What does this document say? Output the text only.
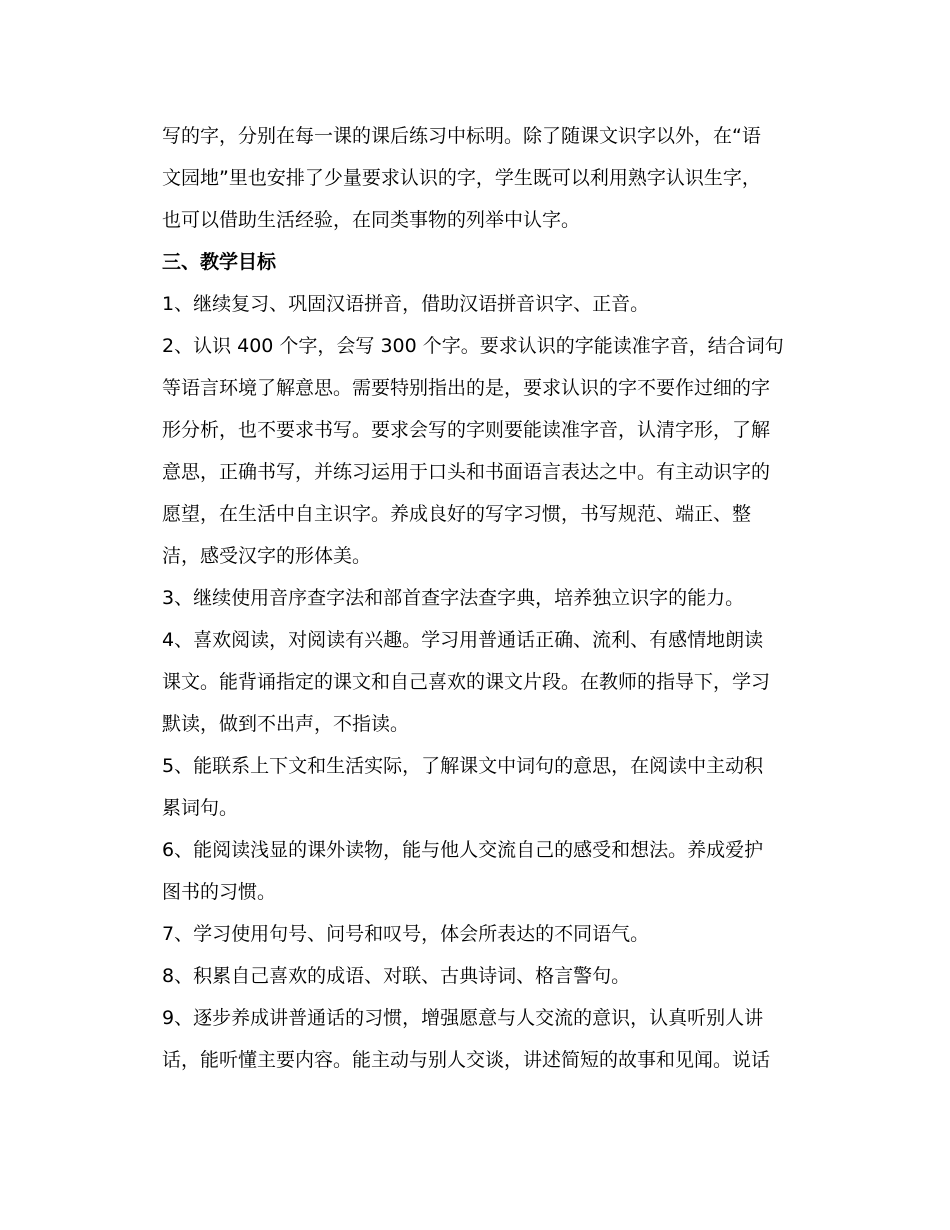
写的字，分别在每一课的课后练习中标明。除了随课文识字以外，在“语
文园地”里也安排了少量要求认识的字，学生既可以利用熟字认识生字，
也可以借助生活经验，在同类事物的列举中认字。

三、教学目标

1、继续复习、巩固汉语拼音，借助汉语拼音识字、正音。

2、认识 400 个字，会写 300 个字。要求认识的字能读准字音，结合词句
等语言环境了解意思。需要特别指出的是，要求认识的字不要作过细的字
形分析，也不要求书写。要求会写的字则要能读准字音，认清字形，了解
意思，正确书写，并练习运用于口头和书面语言表达之中。有主动识字的
愿望，在生活中自主识字。养成良好的写字习惯，书写规范、端正、整
洁，感受汉字的形体美。

3、继续使用音序查字法和部首查字法查字典，培养独立识字的能力。

4、喜欢阅读，对阅读有兴趣。学习用普通话正确、流利、有感情地朗读
课文。能背诵指定的课文和自己喜欢的课文片段。在教师的指导下，学习
默读，做到不出声，不指读。

5、能联系上下文和生活实际，了解课文中词句的意思，在阅读中主动积
累词句。

6、能阅读浅显的课外读物，能与他人交流自己的感受和想法。养成爱护
图书的习惯。

7、学习使用句号、问号和叹号，体会所表达的不同语气。

8、积累自己喜欢的成语、对联、古典诗词、格言警句。

9、逐步养成讲普通话的习惯，增强愿意与人交流的意识，认真听别人讲
话，能听懂主要内容。能主动与别人交谈，讲述简短的故事和见闻。说话
